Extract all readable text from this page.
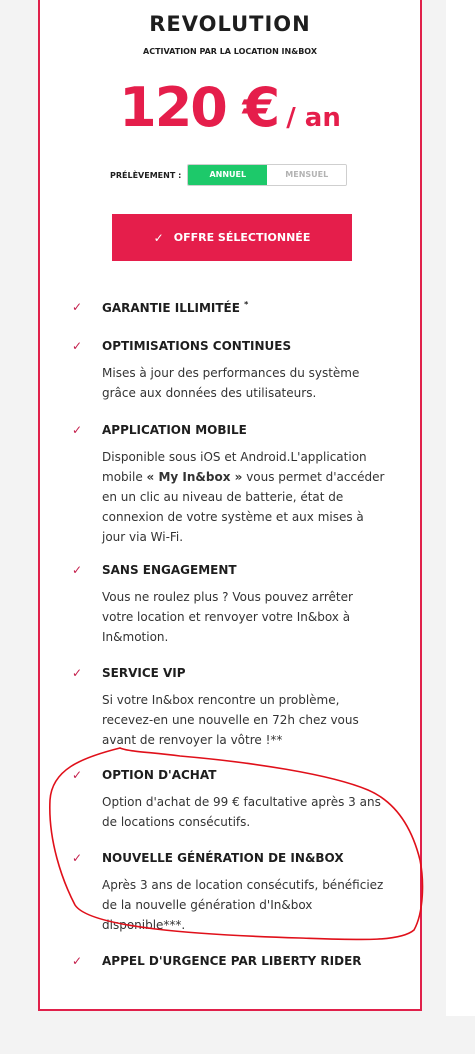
REVOLUTION
ACTIVATION PAR LA LOCATION IN&BOX
120 € / an
PRÉLÈVEMENT :	ANNUEL	MENSUEL
✓ OFFRE SÉLECTIONNÉE
✓ GARANTIE ILLIMITÉE *
✓ OPTIMISATIONS CONTINUES
Mises à jour des performances du système grâce aux données des utilisateurs.
✓ APPLICATION MOBILE
Disponible sous iOS et Android.L'application mobile « My In&box » vous permet d'accéder en un clic au niveau de batterie, état de connexion de votre système et aux mises à jour via Wi-Fi.
✓ SANS ENGAGEMENT
Vous ne roulez plus ? Vous pouvez arrêter votre location et renvoyer votre In&box à In&motion.
✓ SERVICE VIP
Si votre In&box rencontre un problème, recevez-en une nouvelle en 72h chez vous avant de renvoyer la vôtre !**
✓ OPTION D'ACHAT
Option d'achat de 99 € facultative après 3 ans de locations consécutifs.
✓ NOUVELLE GÉNÉRATION DE IN&BOX
Après 3 ans de location consécutifs, bénéficiez de la nouvelle génération d'In&box disponible***.
✓ APPEL D'URGENCE PAR LIBERTY RIDER
